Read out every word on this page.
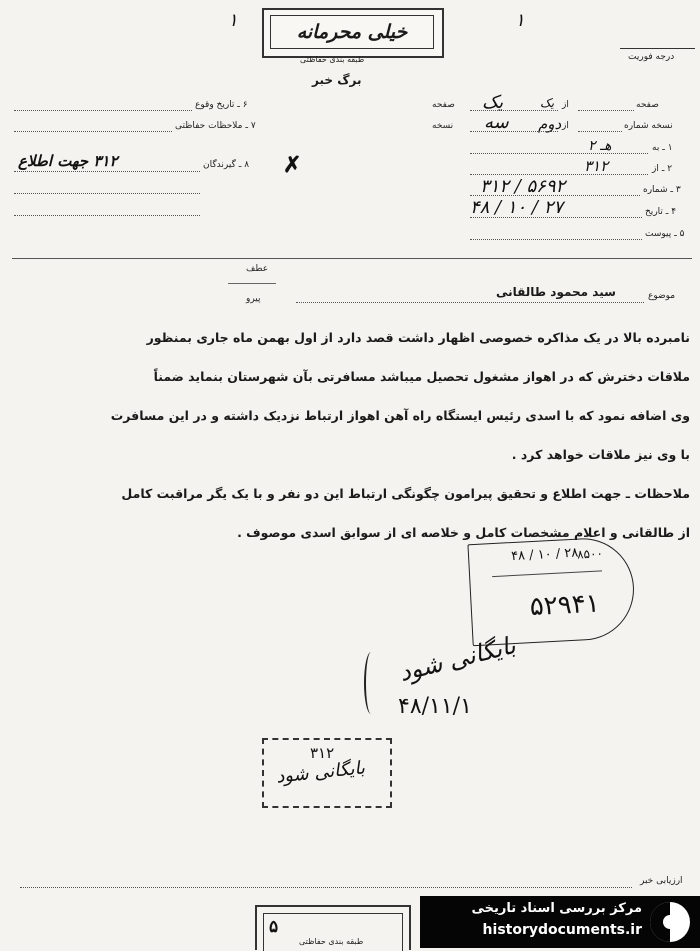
۱	۱
خیلی محرمانه
طبقه بندی حفاظتی
برگ خبر
درجه فوریت
صفحه
یک از
یک
صفحه
نسخه شماره
دوم از
سه
نسخه
۱ ـ به
۲ هـ
۲ ـ از
۳۱۲
۳ ـ شماره
۳۱۲ / ۵۶۹۲
۴ ـ تاریخ
۴۸ / ۱۰ / ۲۷
۵ ـ پیوست
۶ ـ تاریخ وقوع
۷ ـ ملاحظات حفاظتی
۸ ـ گیرندگان ✗
۳۱۲ جهت اطلاع
عطف
پیرو	موضوع
سید محمود طالقانی
نامبرده بالا در یک مذاکره خصوصی اظهار داشت قصد دارد از اول بهمن ماه جاری بمنظور
ملاقات دخترش که در اهواز مشغول تحصیل میباشد مسافرتی بآن شهرستان بنماید ضمناً
وی اضافه نمود که با اسدی رئیس ایستگاه راه آهن اهواز ارتباط نزدیک داشته و در این مسافرت
با وی نیز ملاقات خواهد کرد .
ملاحظات ـ جهت اطلاع و تحقیق پیرامون چگونگی ارتباط این دو نفر و با یک یگر مراقبت کامل
از طالقانی و اعلام مشخصات کامل و خلاصه ای از سوابق اسدی موصوف .
۴۸ / ۱۰ / ۲۸
۸۵۰۰
۵۲۹۴۱
بایگانی شود
۴۸/۱۱/۱
۳۱۲
بایگانی شود
ارزیابی خبر
۵
طبقه بندی حفاظتی
مرکز بررسی اسناد تاریخی
historydocuments.ir
